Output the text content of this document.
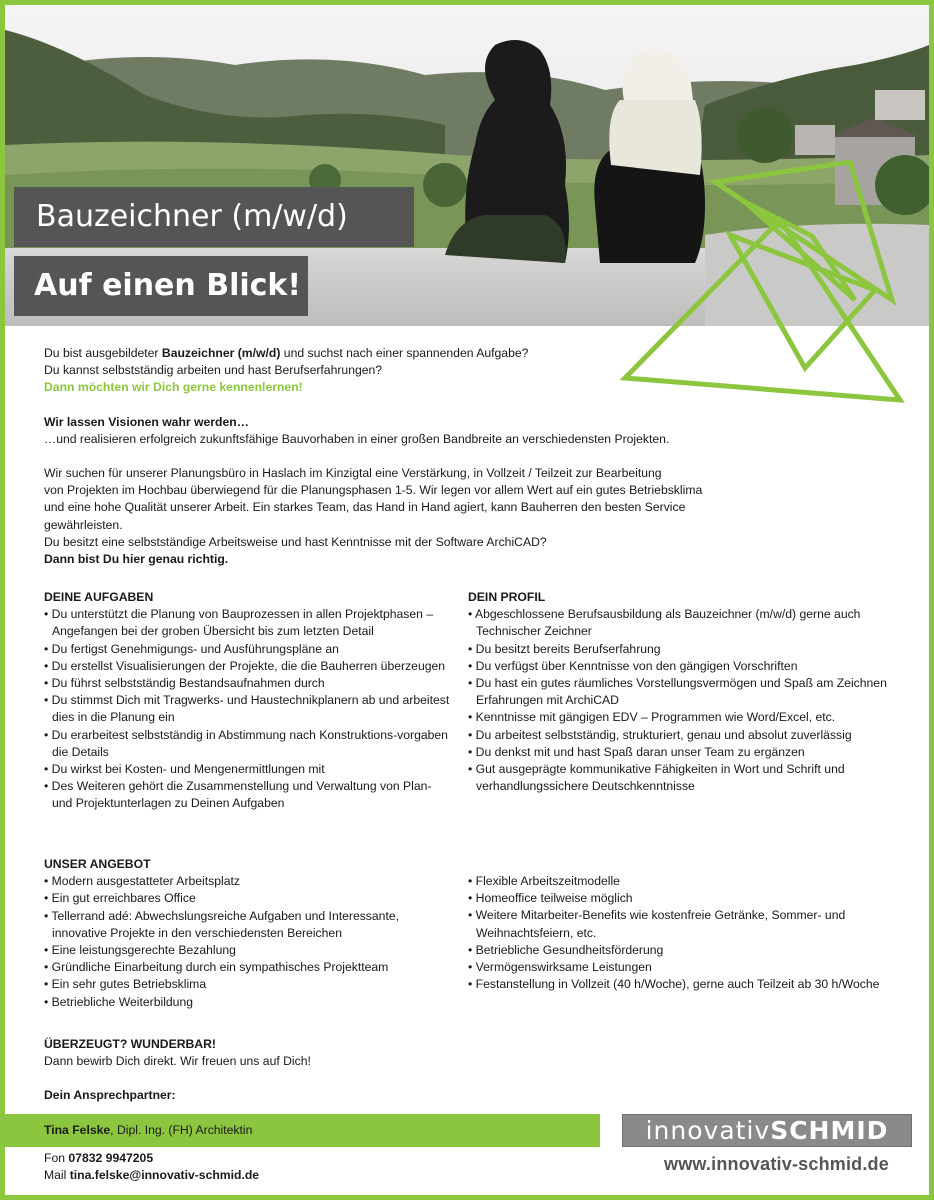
Bauzeichner (m/w/d)
Auf einen Blick!
Du bist ausgebildeter Bauzeichner (m/w/d) und suchst nach einer spannenden Aufgabe?
Du kannst selbstständig arbeiten und hast Berufserfahrungen?
Dann möchten wir Dich gerne kennenlernen!
Wir lassen Visionen wahr werden…
…und realisieren erfolgreich zukunftsfähige Bauvorhaben in einer großen Bandbreite an verschiedensten Projekten.
Wir suchen für unserer Planungsbüro in Haslach im Kinzigtal eine Verstärkung, in Vollzeit / Teilzeit zur Bearbeitung
von Projekten im Hochbau überwiegend für die Planungsphasen 1-5. Wir legen vor allem Wert auf ein gutes Betriebsklima
und eine hohe Qualität unserer Arbeit. Ein starkes Team, das Hand in Hand agiert, kann Bauherren den besten Service
gewährleisten.
Du besitzt eine selbstständige Arbeitsweise und hast Kenntnisse mit der Software ArchiCAD?
Dann bist Du hier genau richtig.
DEINE AUFGABEN
• Du unterstützt die Planung von Bauprozessen in allen Projektphasen – Angefangen bei der groben Übersicht bis zum letzten Detail
• Du fertigst Genehmigungs- und Ausführungspläne an
• Du erstellst Visualisierungen der Projekte, die die Bauherren überzeugen
• Du führst selbstständig Bestandsaufnahmen durch
• Du stimmst Dich mit Tragwerks- und Haustechnikplanern ab und arbeitest dies in die Planung ein
• Du erarbeitest selbstständig in Abstimmung nach Konstruktions-vorgaben die Details
• Du wirkst bei Kosten- und Mengenermittlungen mit
• Des Weiteren gehört die Zusammenstellung und Verwaltung von Plan- und Projektunterlagen zu Deinen Aufgaben
DEIN PROFIL
• Abgeschlossene Berufsausbildung als Bauzeichner (m/w/d) gerne auch Technischer Zeichner
• Du besitzt bereits Berufserfahrung
• Du verfügst über Kenntnisse von den gängigen Vorschriften
• Du hast ein gutes räumliches Vorstellungsvermögen und Spaß am Zeichnen Erfahrungen mit ArchiCAD
• Kenntnisse mit gängigen EDV – Programmen wie Word/Excel, etc.
• Du arbeitest selbstständig, strukturiert, genau und absolut zuverlässig
• Du denkst mit und hast Spaß daran unser Team zu ergänzen
• Gut ausgeprägte kommunikative Fähigkeiten in Wort und Schrift und verhandlungssichere Deutschkenntnisse
UNSER ANGEBOT
• Modern ausgestatteter Arbeitsplatz
• Ein gut erreichbares Office
• Tellerrand adé: Abwechslungsreiche Aufgaben und Interessante, innovative Projekte in den verschiedensten Bereichen
• Eine leistungsgerechte Bezahlung
• Gründliche Einarbeitung durch ein sympathisches Projektteam
• Ein sehr gutes Betriebsklima
• Betriebliche Weiterbildung
• Flexible Arbeitszeitmodelle
• Homeoffice teilweise möglich
• Weitere Mitarbeiter-Benefits wie kostenfreie Getränke, Sommer- und Weihnachtsfeiern, etc.
• Betriebliche Gesundheitsförderung
• Vermögenswirksame Leistungen
• Festanstellung in Vollzeit (40 h/Woche), gerne auch Teilzeit ab 30 h/Woche
ÜBERZEUGT? WUNDERBAR!
Dann bewirb Dich direkt. Wir freuen uns auf Dich!
Dein Ansprechpartner:
Tina Felske, Dipl. Ing. (FH) Architektin
Fon 07832 9947205
Mail tina.felske@innovativ-schmid.de
innovativSCHMID
www.innovativ-schmid.de
